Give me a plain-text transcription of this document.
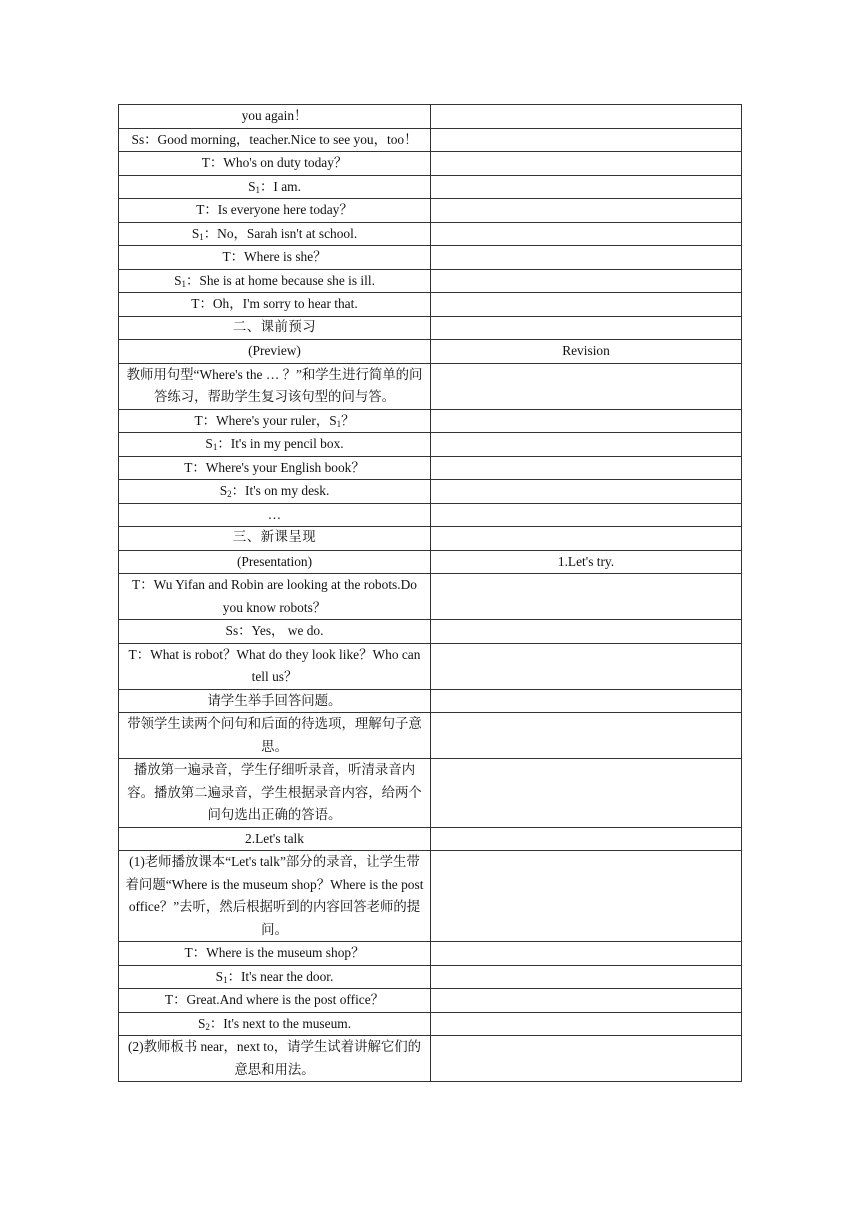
you again！	
Ss：Good morning，teacher.Nice to see you，too！	
T：Who's on duty today？	
$S_1$：I am.	
T：Is everyone here today？	
$S_1$：No，Sarah isn't at school.	
T：Where is she？	
$S_1$：She is at home because she is ill.	
T：Oh，I'm sorry to hear that.	
二、课前预习	
(Preview)	Revision
教师用句型“Where's the … ？”和学生进行简单的问答练习，帮助学生复习该句型的问与答。	
T：Where's your ruler，$S_1$？	
$S_1$：It's in my pencil box.	
T：Where's your English book？	
$S_2$：It's on my desk.	
…	
三、新课呈现	
(Presentation)	1.Let's try.
T：Wu Yifan and Robin are looking at the robots.Do you know robots？	
Ss：Yes， we do.	
T：What is robot？What do they look like？Who can tell us？	
请学生举手回答问题。	
带领学生读两个问句和后面的待选项，理解句子意思。	
播放第一遍录音，学生仔细听录音，听清录音内容。播放第二遍录音，学生根据录音内容，给两个问句选出正确的答语。	
2.Let's talk	
(1)老师播放课本“Let's talk”部分的录音，让学生带着问题“Where is the museum shop？Where is the post office？”去听，然后根据听到的内容回答老师的提问。	
T：Where is the museum shop？	
$S_1$：It's near the door.	
T：Great.And where is the post office？	
$S_2$：It's next to the museum.	
(2)教师板书 near，next to，请学生试着讲解它们的意思和用法。	
